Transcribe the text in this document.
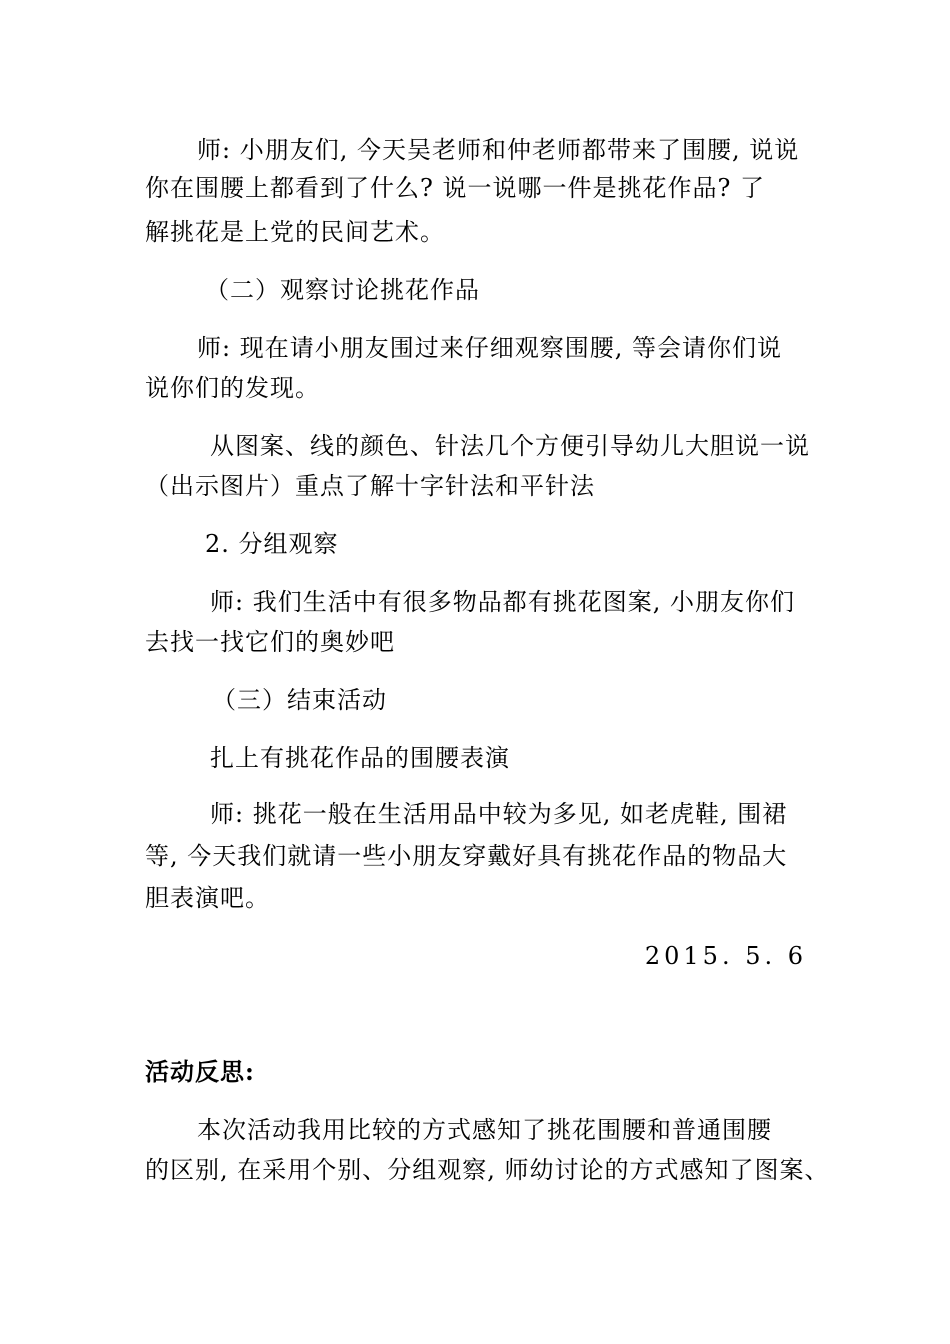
师: 小朋友们, 今天吴老师和仲老师都带来了围腰, 说说
你在围腰上都看到了什么? 说一说哪一件是挑花作品? 了
解挑花是上党的民间艺术。
（二）观察讨论挑花作品
师: 现在请小朋友围过来仔细观察围腰, 等会请你们说
说你们的发现。
从图案、线的颜色、针法几个方便引导幼儿大胆说一说
（出示图片）重点了解十字针法和平针法
2. 分组观察
师: 我们生活中有很多物品都有挑花图案, 小朋友你们
去找一找它们的奥妙吧
（三）结束活动
扎上有挑花作品的围腰表演
师: 挑花一般在生活用品中较为多见, 如老虎鞋, 围裙
等, 今天我们就请一些小朋友穿戴好具有挑花作品的物品大
胆表演吧。
2015. 5. 6
活动反思:
本次活动我用比较的方式感知了挑花围腰和普通围腰
的区别, 在采用个别、分组观察, 师幼讨论的方式感知了图案、
